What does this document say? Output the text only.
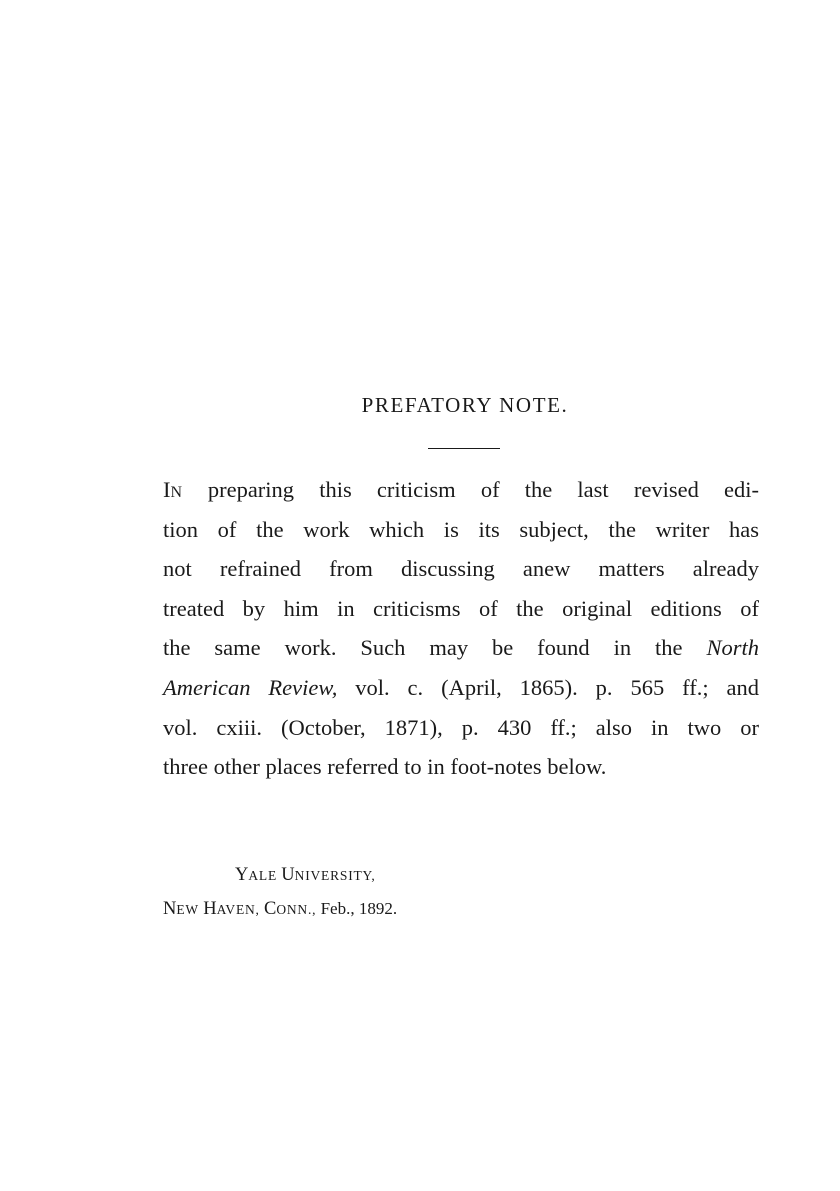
PREFATORY NOTE.
IN preparing this criticism of the last revised edi-
tion of the work which is its subject, the writer has
not refrained from discussing anew matters already
treated by him in criticisms of the original editions of
the same work. Such may be found in the North
American Review, vol. c. (April, 1865). p. 565 ff.; and
vol. cxiii. (October, 1871), p. 430 ff.; also in two or
three other places referred to in foot-notes below.
YALE UNIVERSITY,
NEW HAVEN, CONN., Feb., 1892.
